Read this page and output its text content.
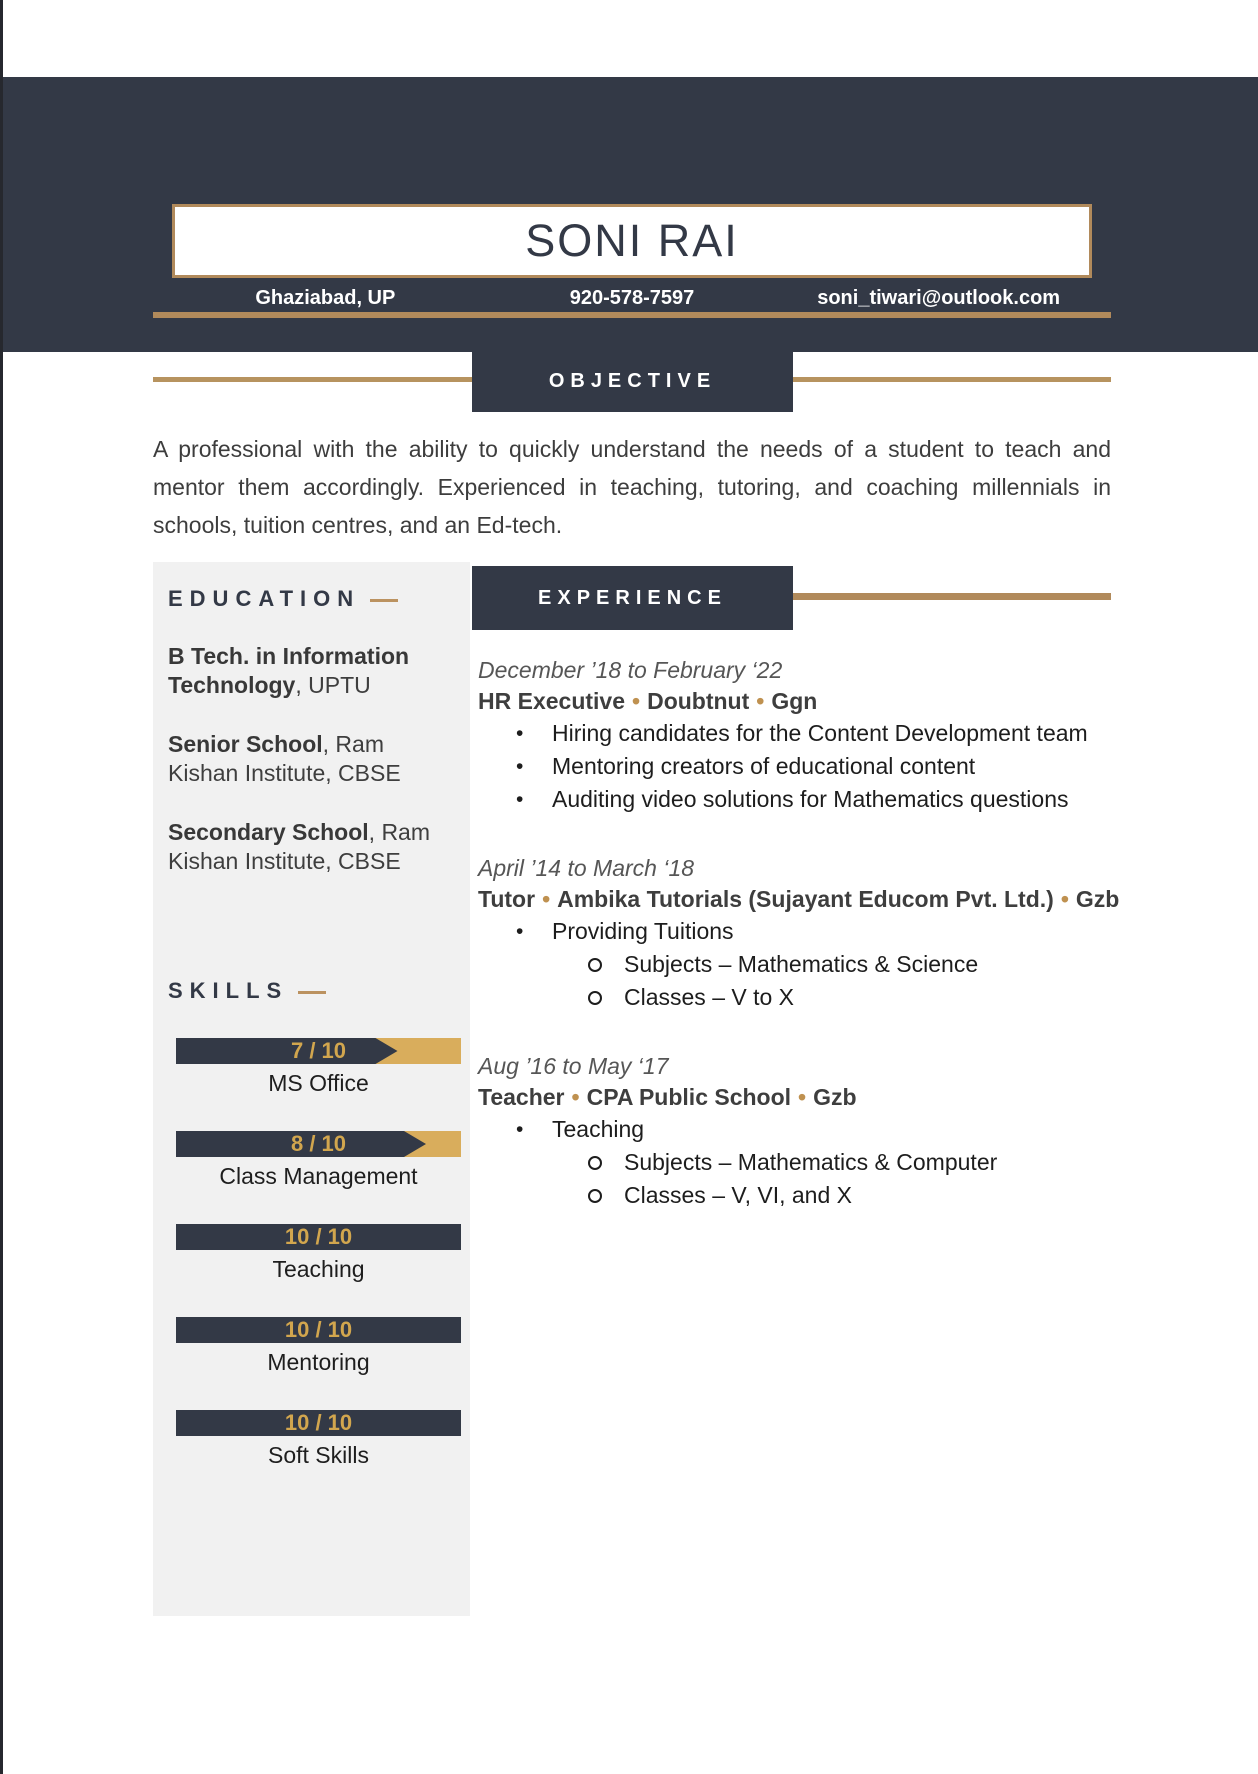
SONI RAI
Ghaziabad, UP	920-578-7597	soni_tiwari@outlook.com
OBJECTIVE
A professional with the ability to quickly understand the needs of a student to teach and mentor them accordingly. Experienced in teaching, tutoring, and coaching millennials in schools, tuition centres, and an Ed-tech.
EDUCATION
B Tech. in Information Technology, UPTU
Senior School, Ram Kishan Institute, CBSE
Secondary School, Ram Kishan Institute, CBSE
SKILLS
7 / 10
MS Office
8 / 10
Class Management
10 / 10
Teaching
10 / 10
Mentoring
10 / 10
Soft Skills
EXPERIENCE
December ’18 to February ‘22
HR Executive • Doubtnut • Ggn
•	Hiring candidates for the Content Development team
•	Mentoring creators of educational content
•	Auditing video solutions for Mathematics questions
April ’14 to March ‘18
Tutor • Ambika Tutorials (Sujayant Educom Pvt. Ltd.) • Gzb
•	Providing Tuitions
Subjects – Mathematics & Science
Classes – V to X
Aug ’16 to May ‘17
Teacher • CPA Public School • Gzb
•	Teaching
Subjects – Mathematics & Computer
Classes – V, VI, and X
